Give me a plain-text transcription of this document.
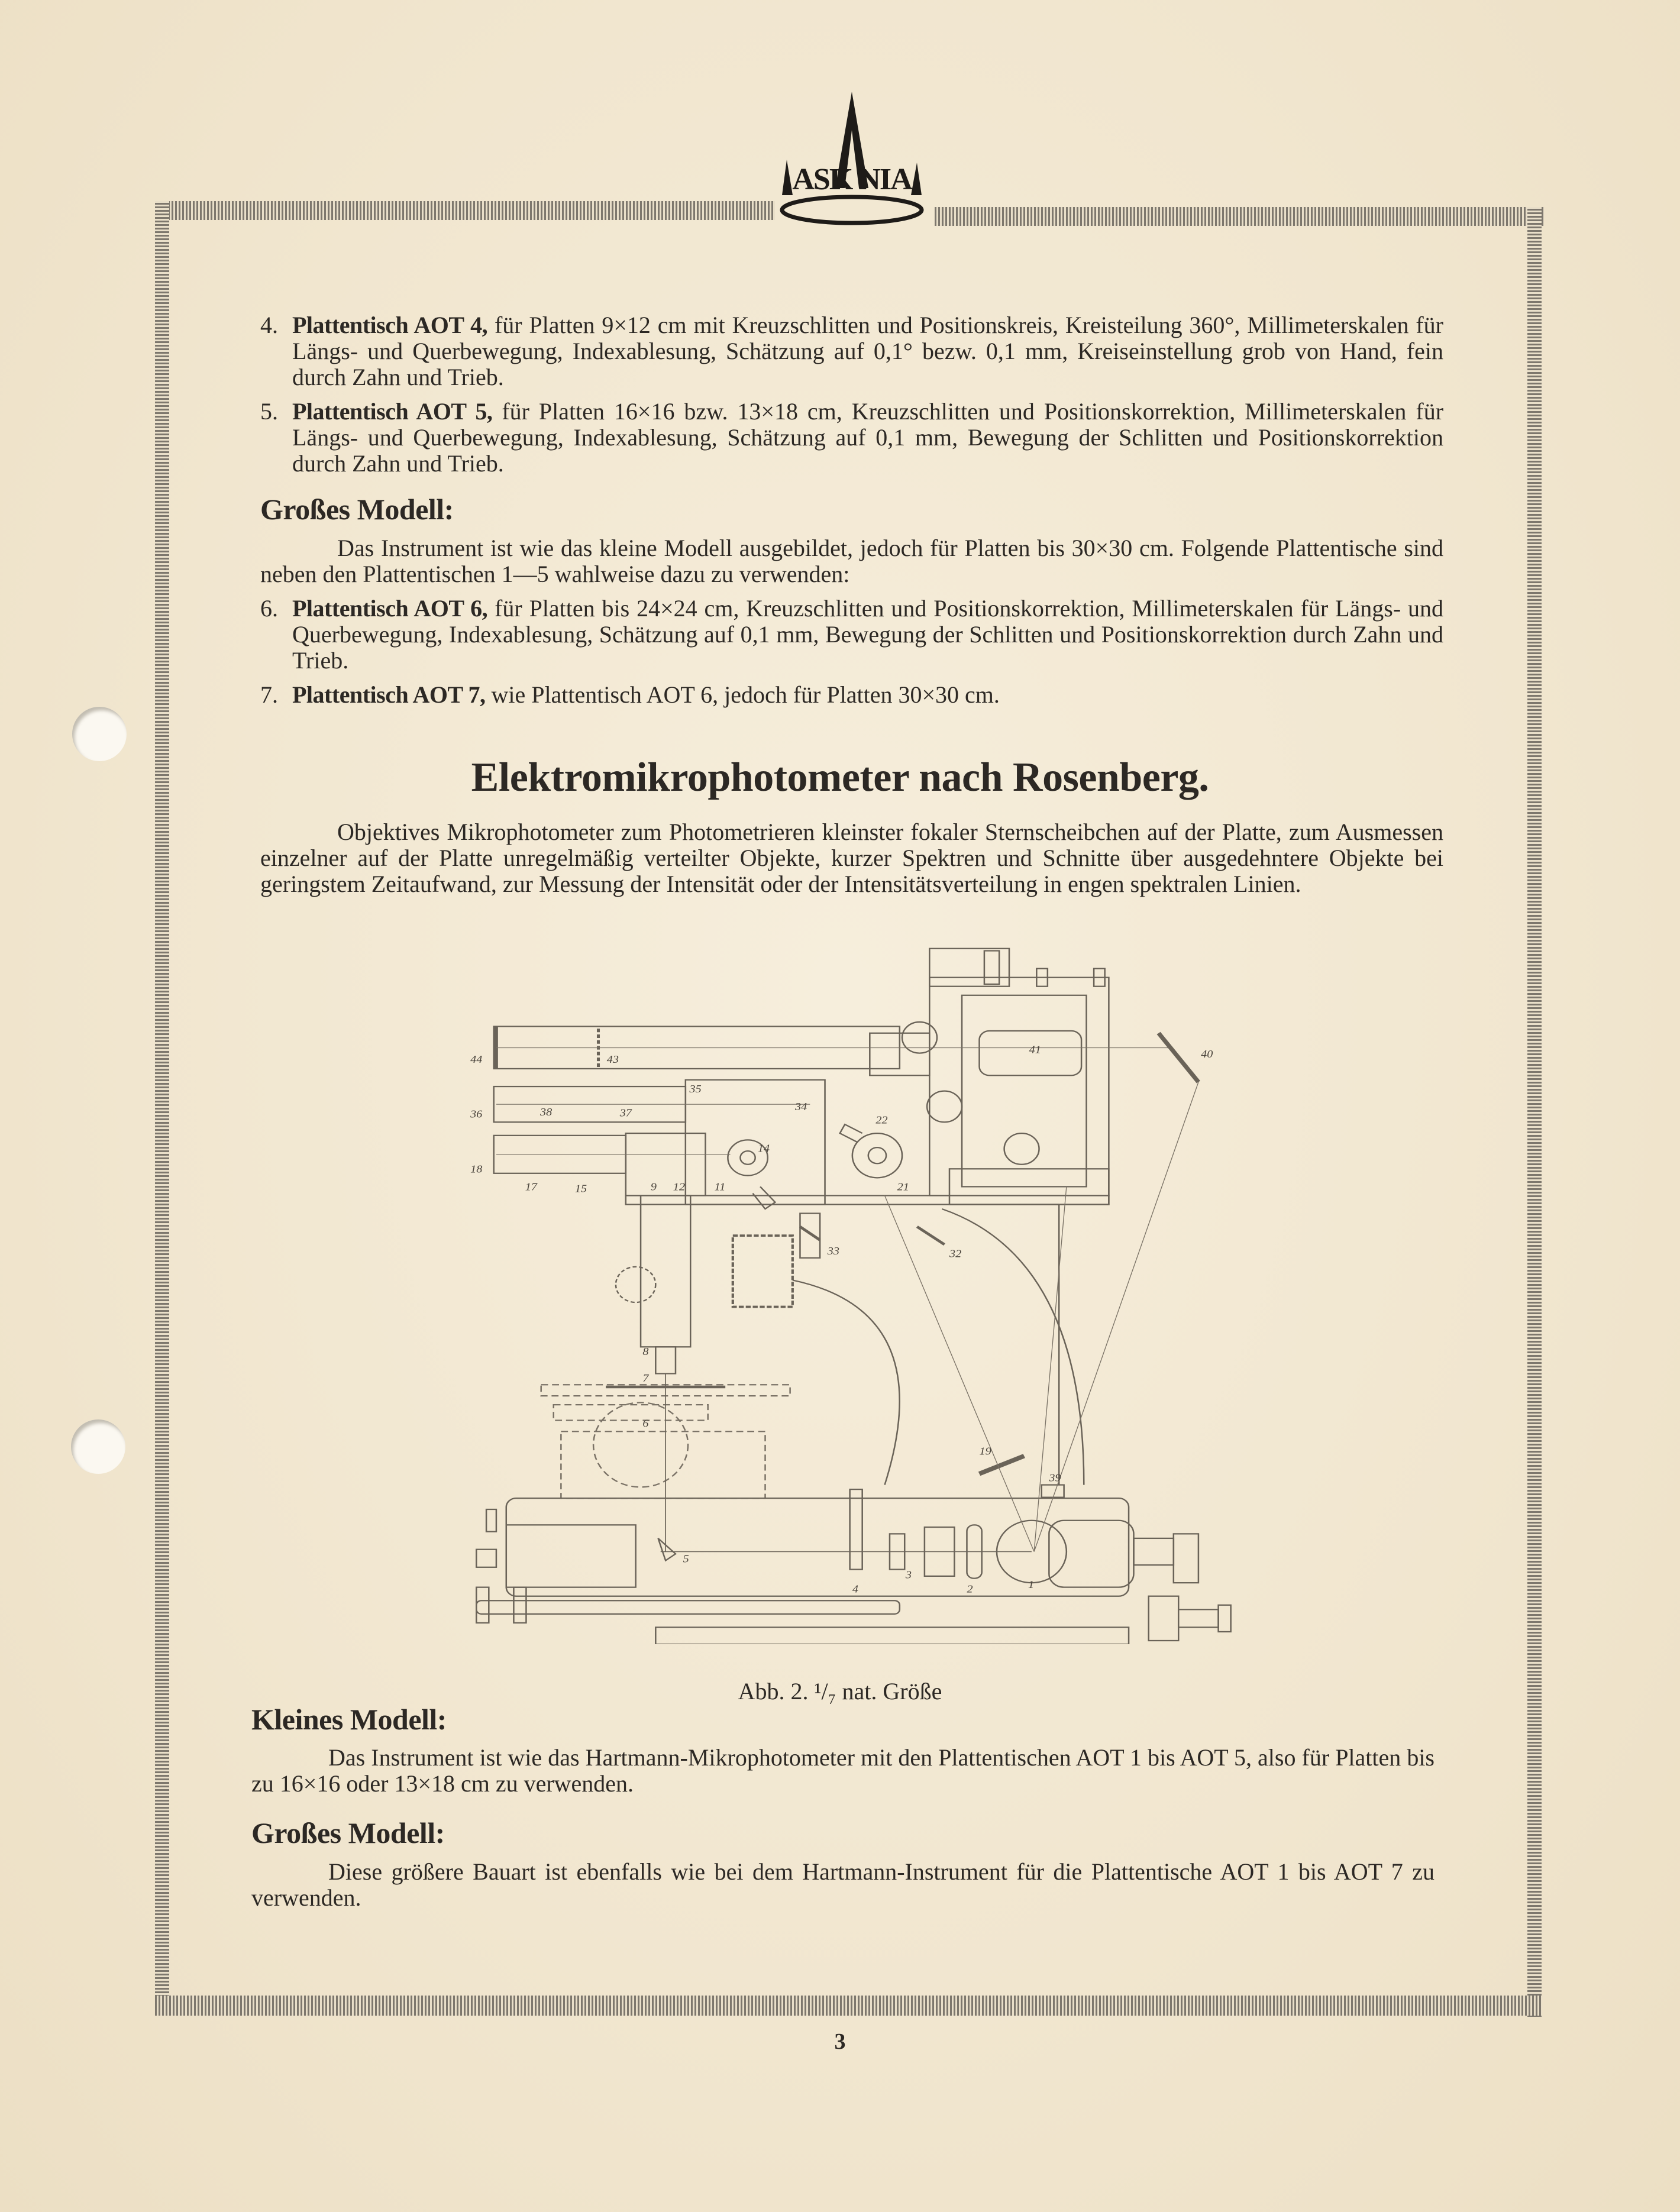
ASK NIA

4. Plattentisch AOT 4, für Platten 9×12 cm mit Kreuzschlitten und Positionskreis, Kreisteilung 360°, Millimeterskalen für Längs- und Querbewegung, Indexablesung, Schätzung auf 0,1° bezw. 0,1 mm, Kreiseinstellung grob von Hand, fein durch Zahn und Trieb.

5. Plattentisch AOT 5, für Platten 16×16 bzw. 13×18 cm, Kreuzschlitten und Positionskorrektion, Millimeterskalen für Längs- und Querbewegung, Indexablesung, Schätzung auf 0,1 mm, Bewegung der Schlitten und Positionskorrektion durch Zahn und Trieb.

Großes Modell:

Das Instrument ist wie das kleine Modell ausgebildet, jedoch für Platten bis 30×30 cm. Folgende Plattentische sind neben den Plattentischen 1—5 wahlweise dazu zu verwenden:

6. Plattentisch AOT 6, für Platten bis 24×24 cm, Kreuzschlitten und Positionskorrektion, Millimeterskalen für Längs- und Querbewegung, Indexablesung, Schätzung auf 0,1 mm, Bewegung der Schlitten und Positionskorrektion durch Zahn und Trieb.

7. Plattentisch AOT 7, wie Plattentisch AOT 6, jedoch für Platten 30×30 cm.

Elektromikrophotometer nach Rosenberg.

Objektives Mikrophotometer zum Photometrieren kleinster fokaler Sternscheibchen auf der Platte, zum Ausmessen einzelner auf der Platte unregelmäßig verteilter Objekte, kurzer Spektren und Schnitte über ausgedehntere Objekte bei geringstem Zeitaufwand, zur Messung der Intensität oder der Intensitätsverteilung in engen spektralen Linien.

44	43
41	40
35
34
36	38	37
22
14
18
17	15	9 12 11	21
33	32
8
7
6
19
39
5
4
3
2	1
Abb. 2. ¹/₇ nat. Größe
Kleines Modell:

Das Instrument ist wie das Hartmann-Mikrophotometer mit den Plattentischen AOT 1 bis AOT 5, also für Platten bis zu 16×16 oder 13×18 cm zu verwenden.

Großes Modell:

Diese größere Bauart ist ebenfalls wie bei dem Hartmann-Instrument für die Plattentische AOT 1 bis AOT 7 zu verwenden.

3
